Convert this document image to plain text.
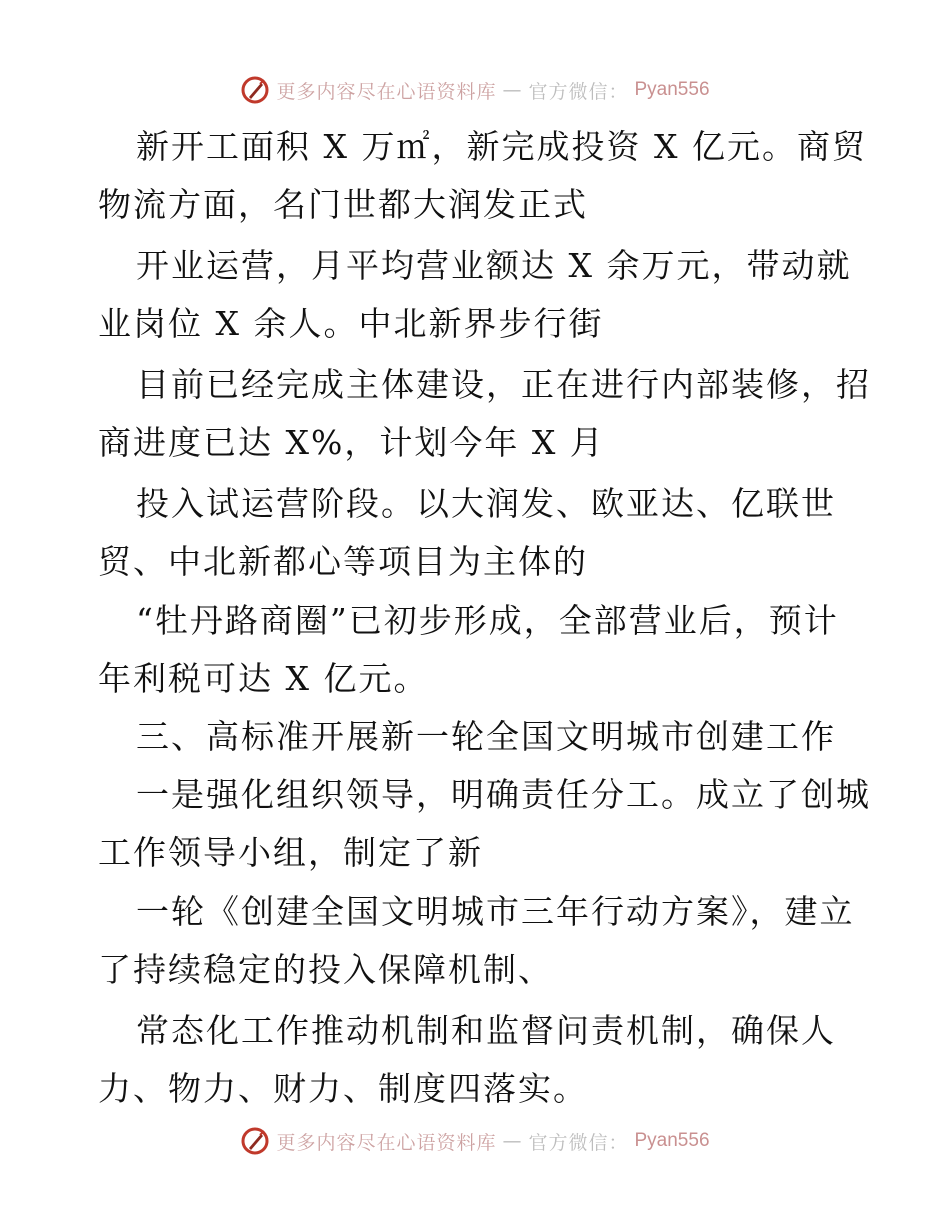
更多内容尽在心语资料库 — 官方微信： Pyan556
新开工面积 X 万㎡，新完成投资 X 亿元。商贸
物流方面，名门世都大润发正式
开业运营，月平均营业额达 X 余万元，带动就
业岗位 X 余人。中北新界步行街
目前已经完成主体建设，正在进行内部装修，招
商进度已达 X%，计划今年 X 月
投入试运营阶段。以大润发、欧亚达、亿联世
贸、中北新都心等项目为主体的
“牡丹路商圈”已初步形成，全部营业后，预计
年利税可达 X 亿元。
三、高标准开展新一轮全国文明城市创建工作
一是强化组织领导，明确责任分工。成立了创城
工作领导小组，制定了新
一轮《创建全国文明城市三年行动方案》，建立
了持续稳定的投入保障机制、
常态化工作推动机制和监督问责机制，确保人
力、物力、财力、制度四落实。
更多内容尽在心语资料库 — 官方微信： Pyan556
